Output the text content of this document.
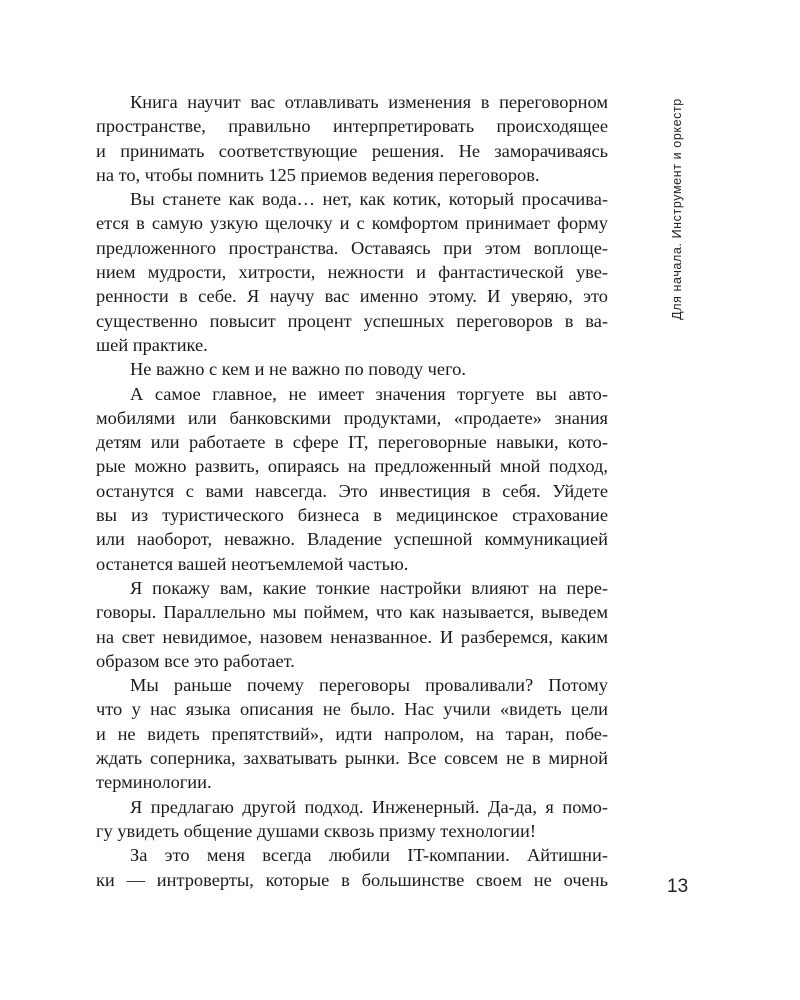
Книга научит вас отлавливать изменения в переговорном
пространстве, правильно интерпретировать происходящее
и принимать соответствующие решения. Не заморачиваясь
на то, чтобы помнить 125 приемов ведения переговоров.
Вы станете как вода… нет, как котик, который просачива-
ется в самую узкую щелочку и с комфортом принимает форму
предложенного пространства. Оставаясь при этом воплоще-
нием мудрости, хитрости, нежности и фантастической уве-
ренности в себе. Я научу вас именно этому. И уверяю, это
существенно повысит процент успешных переговоров в ва-
шей практике.
Не важно с кем и не важно по поводу чего.
А самое главное, не имеет значения торгуете вы авто-
мобилями или банковскими продуктами, «продаете» знания
детям или работаете в сфере IT, переговорные навыки, кото-
рые можно развить, опираясь на предложенный мной подход,
останутся с вами навсегда. Это инвестиция в себя. Уйдете
вы из туристического бизнеса в медицинское страхование
или наоборот, неважно. Владение успешной коммуникацией
останется вашей неотъемлемой частью.
Я покажу вам, какие тонкие настройки влияют на пере-
говоры. Параллельно мы поймем, что как называется, выведем
на свет невидимое, назовем неназванное. И разберемся, каким
образом все это работает.
Мы раньше почему переговоры проваливали? Потому
что у нас языка описания не было. Нас учили «видеть цели
и не видеть препятствий», идти напролом, на таран, побе-
ждать соперника, захватывать рынки. Все совсем не в мирной
терминологии.
Я предлагаю другой подход. Инженерный. Да-да, я помо-
гу увидеть общение душами сквозь призму технологии!
За это меня всегда любили IT-компании. Айтишни-
ки — интроверты, которые в большинстве своем не очень
Для начала. Инструмент и оркестр
13
